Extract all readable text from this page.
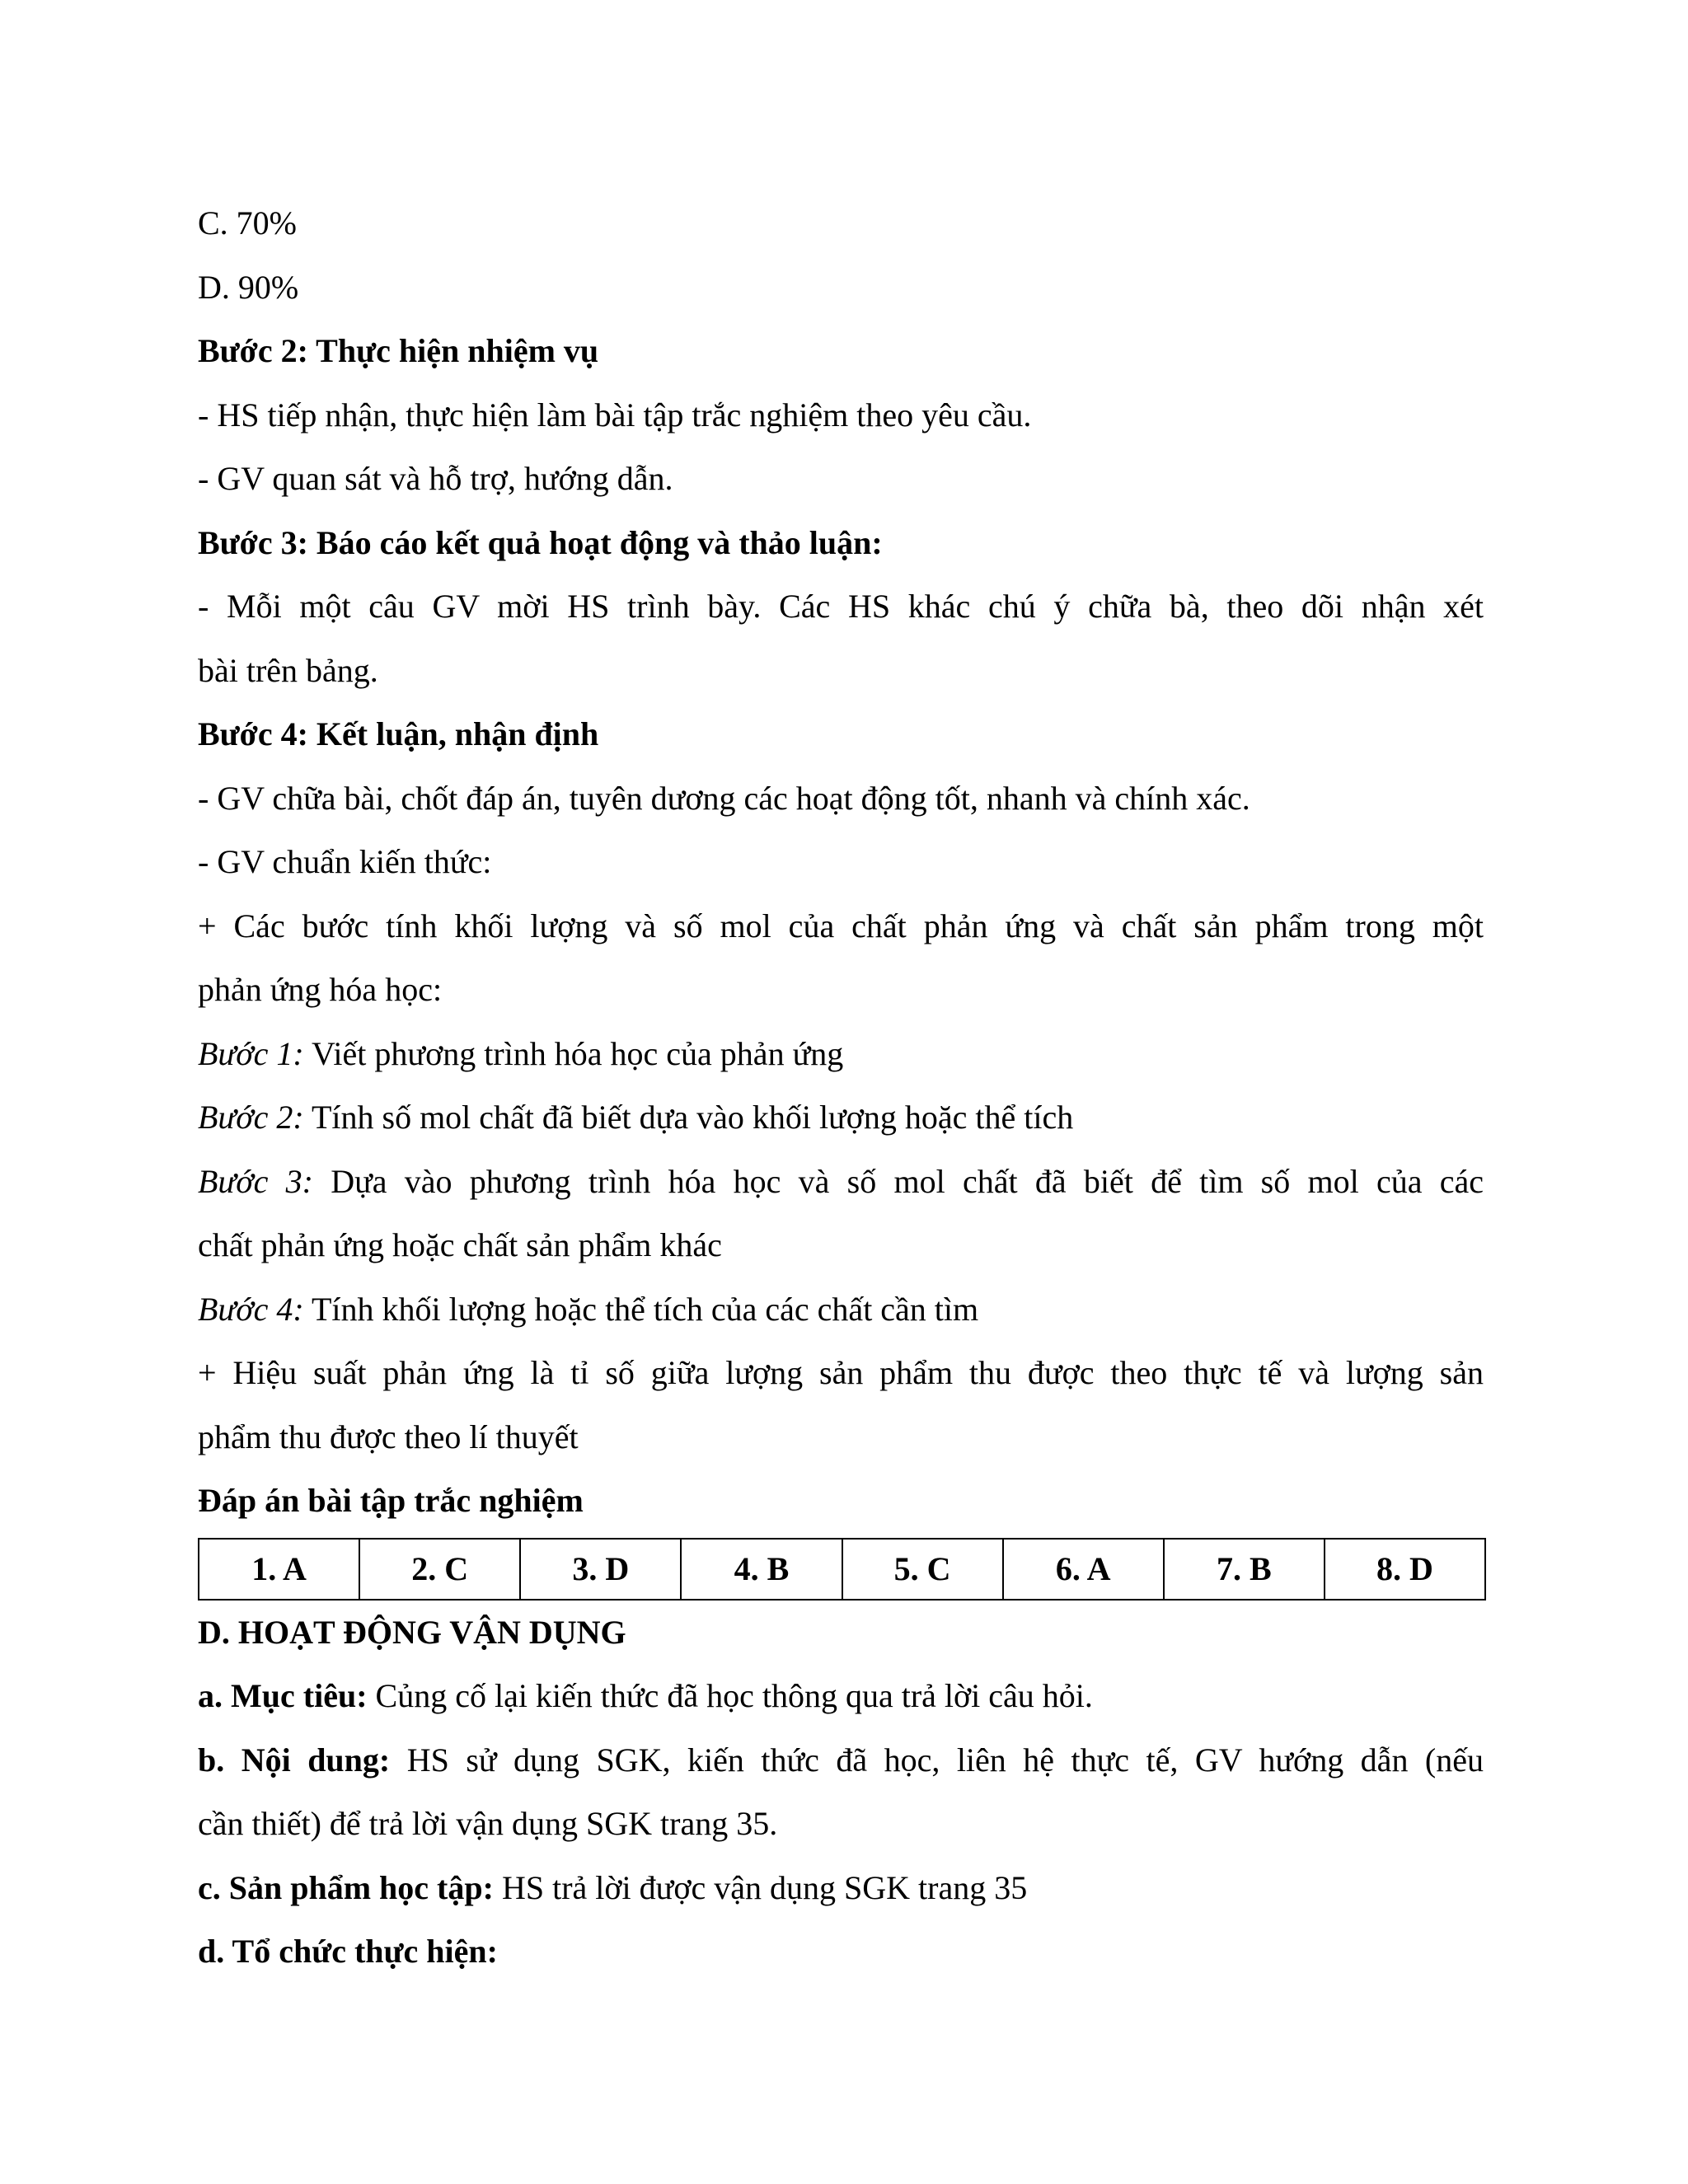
C. 70%
D. 90%
Bước 2: Thực hiện nhiệm vụ
- HS tiếp nhận, thực hiện làm bài tập trắc nghiệm theo yêu cầu.
- GV quan sát và hỗ trợ, hướng dẫn.
Bước 3: Báo cáo kết quả hoạt động và thảo luận:
- Mỗi một câu GV mời HS trình bày. Các HS khác chú ý chữa bà, theo dõi nhận xét
bài trên bảng.
Bước 4: Kết luận, nhận định
- GV chữa bài, chốt đáp án, tuyên dương các hoạt động tốt, nhanh và chính xác.
- GV chuẩn kiến thức:
+ Các bước tính khối lượng và số mol của chất phản ứng và chất sản phẩm trong một
phản ứng hóa học:
Bước 1: Viết phương trình hóa học của phản ứng
Bước 2: Tính số mol chất đã biết dựa vào khối lượng hoặc thể tích
Bước 3: Dựa vào phương trình hóa học và số mol chất đã biết để tìm số mol của các
chất phản ứng hoặc chất sản phẩm khác
Bước 4: Tính khối lượng hoặc thể tích của các chất cần tìm
+ Hiệu suất phản ứng là tỉ số giữa lượng sản phẩm thu được theo thực tế và lượng sản
phẩm thu được theo lí thuyết
Đáp án bài tập trắc nghiệm
1. A	2. C	3. D	4. B	5. C	6. A	7. B	8. D
D. HOẠT ĐỘNG VẬN DỤNG
a. Mục tiêu: Củng cố lại kiến thức đã học thông qua trả lời câu hỏi.
b. Nội dung: HS sử dụng SGK, kiến thức đã học, liên hệ thực tế, GV hướng dẫn (nếu
cần thiết) để trả lời vận dụng SGK trang 35.
c. Sản phẩm học tập: HS trả lời được vận dụng SGK trang 35
d. Tổ chức thực hiện:
